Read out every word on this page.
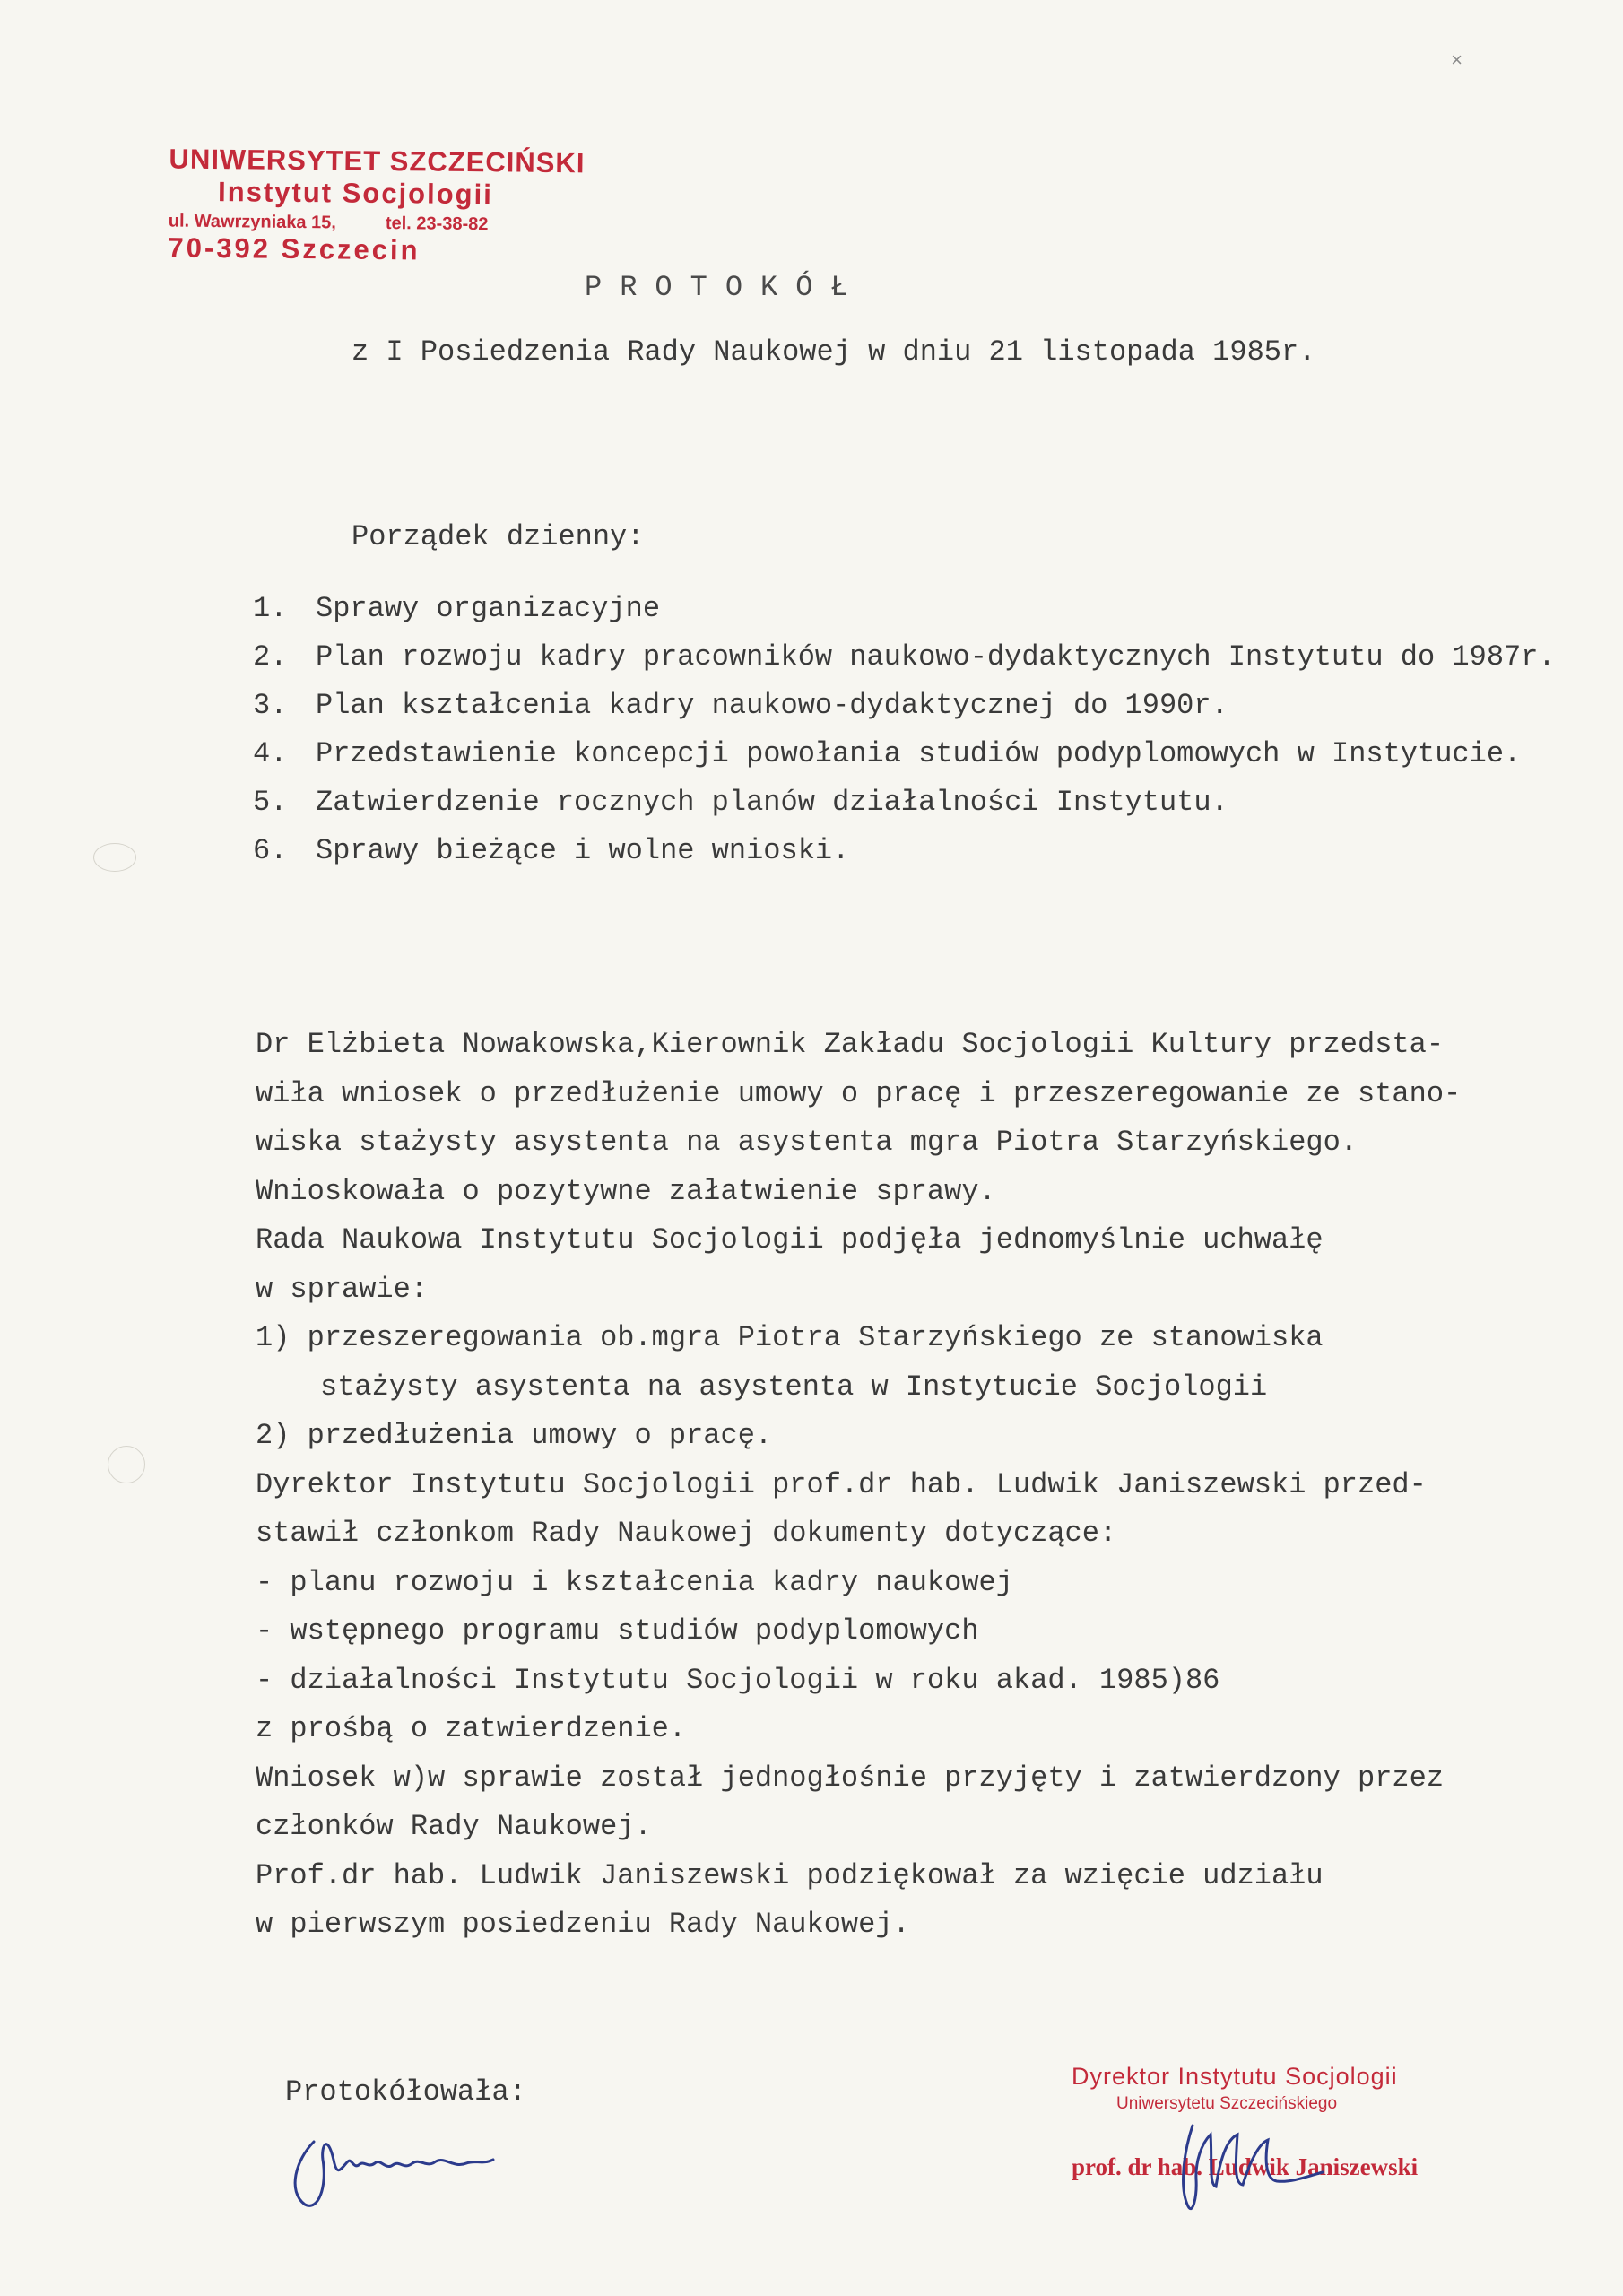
×
UNIWERSYTET SZCZECIŃSKI
Instytut Socjologii
ul. Wawrzyniaka 15,	tel. 23-38-82
70-392 Szczecin
PROTOKÓŁ
z I Posiedzenia Rady Naukowej w dniu 21 listopada 1985r.
Porządek dzienny:
1. Sprawy organizacyjne
2. Plan rozwoju kadry pracowników naukowo-dydaktycznych Instytutu do 1987r.
3. Plan kształcenia kadry naukowo-dydaktycznej do 1990r.
4. Przedstawienie koncepcji powołania studiów podyplomowych w Instytucie.
5. Zatwierdzenie rocznych planów działalności Instytutu.
6. Sprawy bieżące i wolne wnioski.
Dr Elżbieta Nowakowska,Kierownik Zakładu Socjologii Kultury przedsta-
wiła wniosek o przedłużenie umowy o pracę i przeszeregowanie ze stano-
wiska stażysty asystenta na asystenta mgra Piotra Starzyńskiego.
Wnioskowała o pozytywne załatwienie sprawy.
Rada Naukowa Instytutu Socjologii podjęła jednomyślnie uchwałę
w sprawie:
1) przeszeregowania ob.mgra Piotra Starzyńskiego ze stanowiska
stażysty asystenta na asystenta w Instytucie Socjologii
2) przedłużenia umowy o pracę.
Dyrektor Instytutu Socjologii prof.dr hab. Ludwik Janiszewski przed-
stawił członkom Rady Naukowej dokumenty dotyczące:
- planu rozwoju i kształcenia kadry naukowej
- wstępnego programu studiów podyplomowych
- działalności Instytutu Socjologii w roku akad. 1985)86
z prośbą o zatwierdzenie.
Wniosek w)w sprawie został jednogłośnie przyjęty i zatwierdzony przez
członków Rady Naukowej.
Prof.dr hab. Ludwik Janiszewski podziękował za wzięcie udziału
w pierwszym posiedzeniu Rady Naukowej.
Protokółowała:	Dyrektor Instytutu Socjologii
Uniwersytetu Szczecińskiego
prof. dr hab. Ludwik Janiszewski
